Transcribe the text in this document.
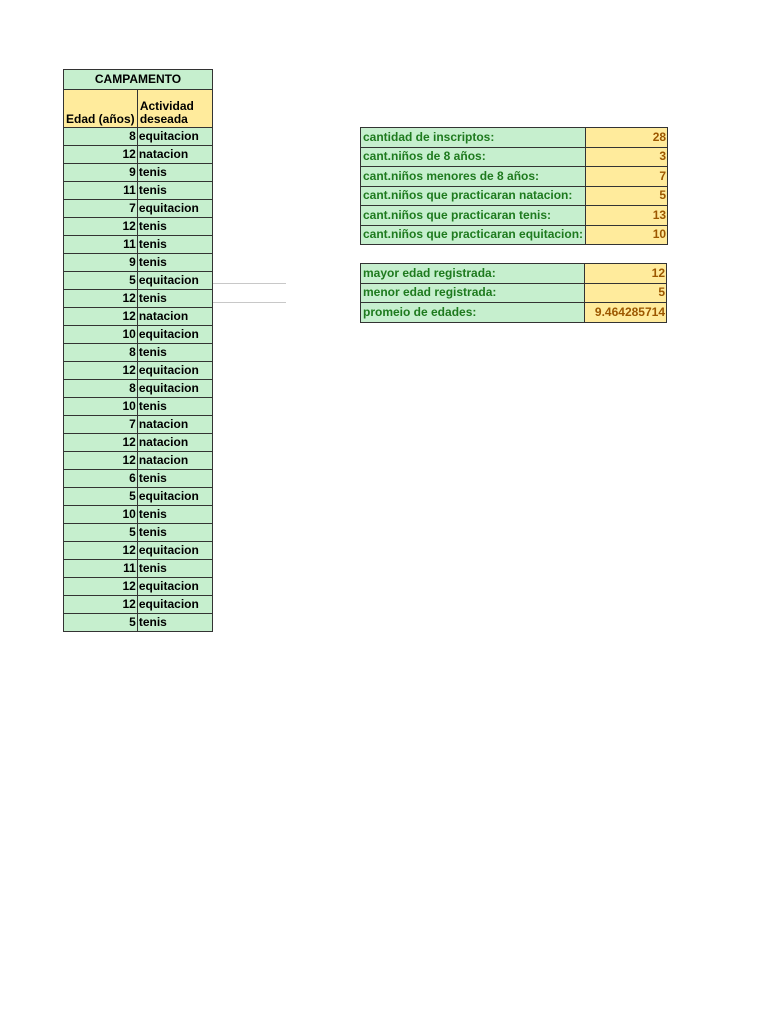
CAMPAMENTO	
Edad (años)	Actividad
deseada
8	equitacion
12	natacion
9	tenis
11	tenis
7	equitacion
12	tenis
11	tenis
9	tenis
5	equitacion
12	tenis
12	natacion
10	equitacion
8	tenis
12	equitacion
8	equitacion
10	tenis
7	natacion
12	natacion
12	natacion
6	tenis
5	equitacion
10	tenis
5	tenis
12	equitacion
11	tenis
12	equitacion
12	equitacion
5	tenis
cantidad de inscriptos:	28
cant.niños de 8 años:	3
cant.niños menores de 8 años:	7
cant.niños que practicaran natacion:	5
cant.niños que practicaran tenis:	13
cant.niños que practicaran equitacion:	10
mayor edad registrada:	12
menor edad registrada:	5
promeio de edades:	9.464285714
